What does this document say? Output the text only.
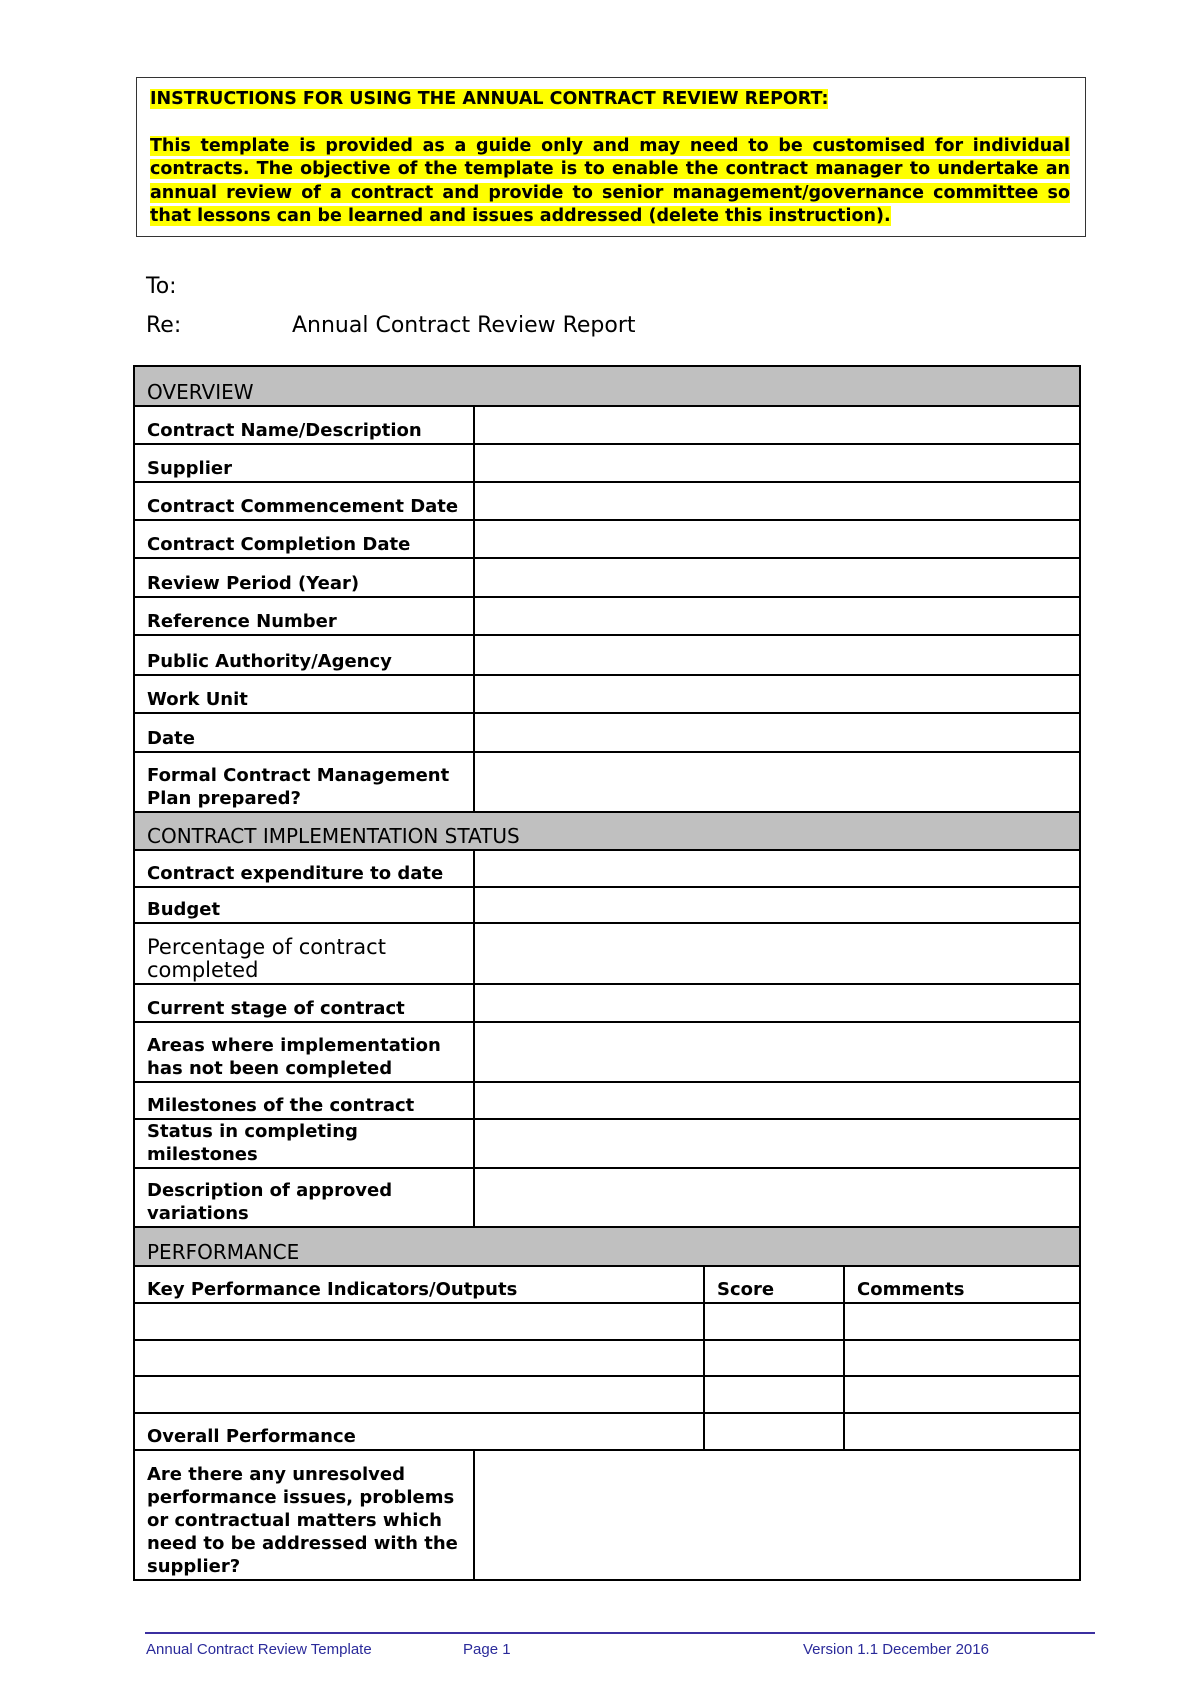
INSTRUCTIONS FOR USING THE ANNUAL CONTRACT REVIEW REPORT:

This template is provided as a guide only and may need to be customised for individual contracts. The objective of the template is to enable the contract manager to undertake an annual review of a contract and provide to senior management/governance committee so that lessons can be learned and issues addressed (delete this instruction).

To:
Re:	Annual Contract Review Report
OVERVIEW			
Contract Name/Description			
Supplier			
Contract Commencement Date			
Contract Completion Date			
Review Period (Year)			
Reference Number			
Public Authority/Agency			
Work Unit			
Date			
Formal Contract Management Plan prepared?			
CONTRACT IMPLEMENTATION STATUS			
Contract expenditure to date			
Budget			
Percentage of contract completed			
Current stage of contract			
Areas where implementation has not been completed			
Milestones of the contract			
Status in completing milestones			
Description of approved variations			
PERFORMANCE			
Key Performance Indicators/Outputs		Score	Comments

Overall Performance			
Are there any unresolved performance issues, problems or contractual matters which need to be addressed with the supplier?			
Annual Contract Review Template	Page 1	Version 1.1 December 2016
